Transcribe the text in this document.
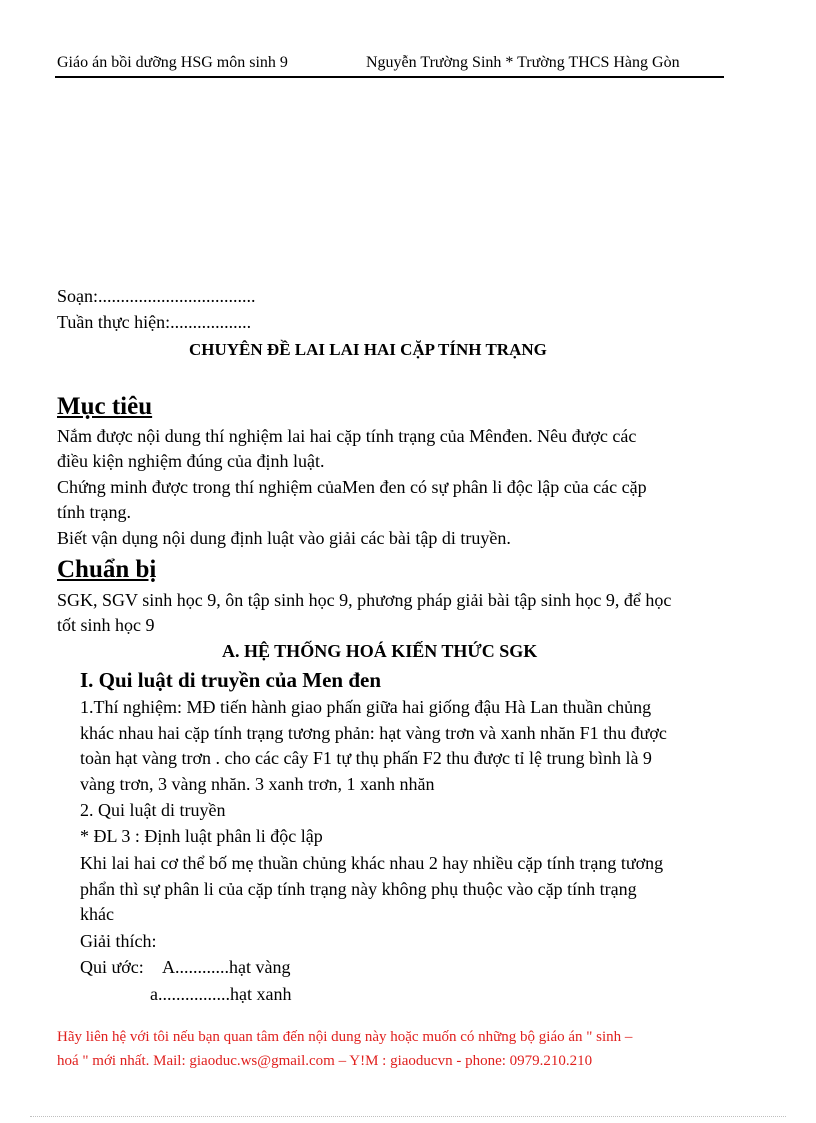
Giáo án bồi dưỡng HSG môn sinh 9	Nguyễn Trường Sinh * Trường THCS Hàng Gòn
Soạn:...................................
Tuần thực hiện:..................
CHUYÊN ĐỀ LAI LAI HAI CẶP TÍNH TRẠNG
Mục tiêu
Nắm được nội dung thí nghiệm lai hai cặp tính trạng của Mênđen. Nêu được các
điều kiện nghiệm đúng của định luật.
Chứng minh được trong thí nghiệm củaMen đen có sự phân li độc lập của các cặp
tính trạng.
Biết vận dụng nội dung định luật vào giải các bài tập di truyền.
Chuẩn bị
SGK, SGV sinh học 9, ôn tập sinh học 9, phương pháp giải bài tập sinh học 9, để học
tốt sinh học 9
A. HỆ THỐNG HOÁ KIẾN THỨC SGK
I. Qui luật di truyền của Men đen
1.Thí nghiệm: MĐ tiến hành giao phấn giữa hai giống đậu Hà Lan thuần chủng
khác nhau hai cặp tính trạng tương phản: hạt vàng trơn và xanh nhăn F1 thu được
toàn hạt vàng trơn . cho các cây F1 tự thụ phấn F2 thu được tỉ lệ trung bình là 9
vàng trơn, 3 vàng nhăn. 3 xanh trơn, 1 xanh nhăn
2. Qui luật di truyền
* ĐL 3 : Định luật phân li độc lập
Khi lai hai cơ thể bố mẹ thuần chủng khác nhau 2 hay nhiều cặp tính trạng tương
phẩn thì sự phân li của cặp tính trạng này không phụ thuộc vào cặp tính trạng
khác
Giải thích:
Qui ước: A............hạt vàng
a................hạt xanh
Hãy liên hệ với tôi nếu bạn quan tâm đến nội dung này hoặc muốn có những bộ giáo án " sinh –
hoá " mới nhất. Mail: giaoduc.ws@gmail.com – Y!M : giaoducvn - phone: 0979.210.210
